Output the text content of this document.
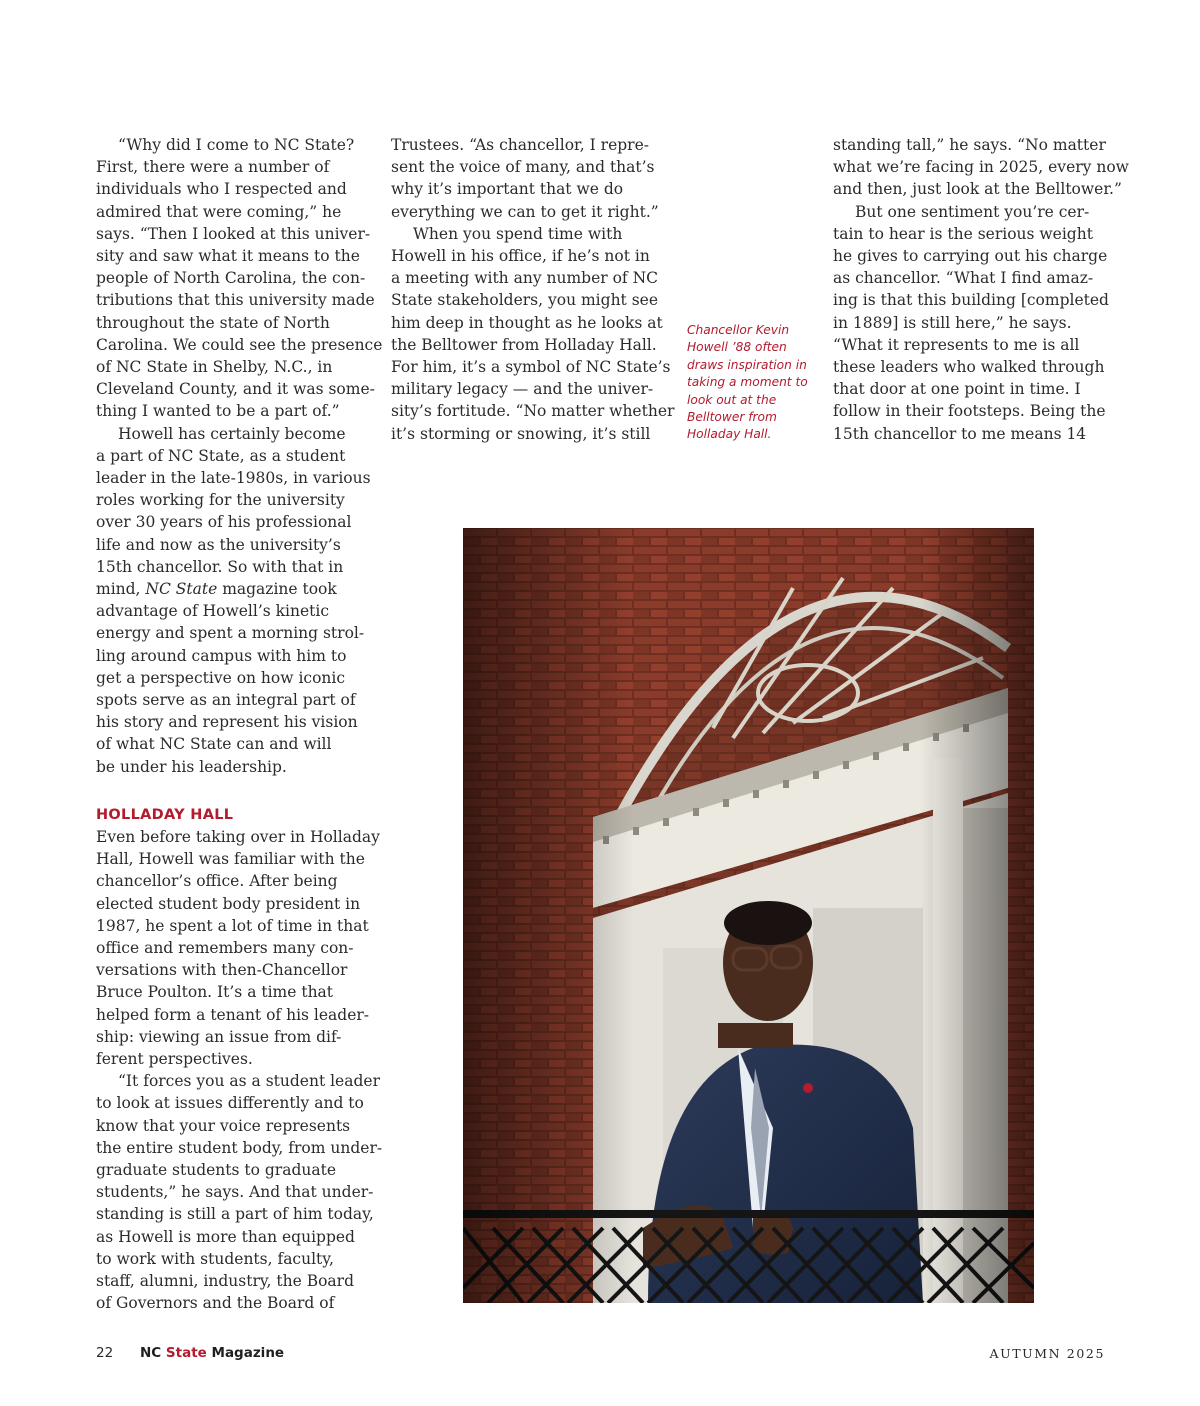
“Why did I come to NC State?
First, there were a number of
individuals who I respected and
admired that were coming,” he
says. “Then I looked at this univer-
sity and saw what it means to the
people of North Carolina, the con-
tributions that this university made
throughout the state of North
Carolina. We could see the presence
of NC State in Shelby, N.C., in
Cleveland County, and it was some-
thing I wanted to be a part of.”
Howell has certainly become
a part of NC State, as a student
leader in the late-1980s, in various
roles working for the university
over 30 years of his professional
life and now as the university’s
15th chancellor. So with that in
mind, NC State magazine took
advantage of Howell’s kinetic
energy and spent a morning strol-
ling around campus with him to
get a perspective on how iconic
spots serve as an integral part of
his story and represent his vision
of what NC State can and will
be under his leadership.
HOLLADAY HALL
Even before taking over in Holladay
Hall, Howell was familiar with the
chancellor’s office. After being
elected student body president in
1987, he spent a lot of time in that
office and remembers many con-
versations with then-Chancellor
Bruce Poulton. It’s a time that
helped form a tenant of his leader-
ship: viewing an issue from dif-
ferent perspectives.
“It forces you as a student leader
to look at issues differently and to
know that your voice represents
the entire student body, from under-
graduate students to graduate
students,” he says. And that under-
standing is still a part of him today,
as Howell is more than equipped
to work with students, faculty,
staff, alumni, industry, the Board
of Governors and the Board of
Trustees. “As chancellor, I repre-
sent the voice of many, and that’s
why it’s important that we do
everything we can to get it right.”
When you spend time with
Howell in his office, if he’s not in
a meeting with any number of NC
State stakeholders, you might see
him deep in thought as he looks at
the Belltower from Holladay Hall.
For him, it’s a symbol of NC State’s
military legacy — and the univer-
sity’s fortitude. “No matter whether
it’s storming or snowing, it’s still
Chancellor Kevin Howell ’88 often draws inspiration in taking a moment to look out at the Belltower from Holladay Hall.
standing tall,” he says. “No matter
what we’re facing in 2025, every now
and then, just look at the Belltower.”
But one sentiment you’re cer-
tain to hear is the serious weight
he gives to carrying out his charge
as chancellor. “What I find amaz-
ing is that this building [completed
in 1889] is still here,” he says.
“What it represents to me is all
these leaders who walked through
that door at one point in time. I
follow in their footsteps. Being the
15th chancellor to me means 14
22 NC State Magazine	AUTUMN 2025
